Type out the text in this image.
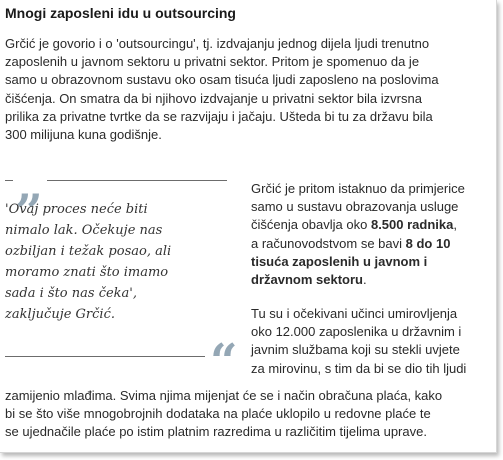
Mnogi zaposleni idu u outsourcing

Grčić je govorio i o 'outsourcingu', tj. izdvajanju jednog dijela ljudi trenutno
zaposlenih u javnom sektoru u privatni sektor. Pritom je spomenuo da je
samo u obrazovnom sustavu oko osam tisuća ljudi zaposleno na poslovima
čišćenja. On smatra da bi njihovo izdvajanje u privatni sektor bila izvrsna
prilika za privatne tvrtke da se razvijaju i jačaju. Ušteda bi tu za državu bila
300 milijuna kuna godišnje.

„

'Ovaj proces neće biti
nimalo lak. Očekuje nas
ozbiljan i težak posao, ali
moramo znati što imamo
sada i što nas čeka',
zaključuje Grčić.

“

Grčić je pritom istaknuo da primjerice
samo u sustavu obrazovanja usluge
čišćenja obavlja oko 8.500 radnika,
a računovodstvom se bavi 8 do 10
tisuća zaposlenih u javnom i
državnom sektoru.

Tu su i očekivani učinci umirovljenja
oko 12.000 zaposlenika u državnim i
javnim službama koji su stekli uvjete
za mirovinu, s tim da bi se dio tih ljudi

zamijenio mlađima. Svima njima mijenjat će se i način obračuna plaća, kako
bi se što više mnogobrojnih dodataka na plaće uklopilo u redovne plaće te
se ujednačile plaće po istim platnim razredima u različitim tijelima uprave.
